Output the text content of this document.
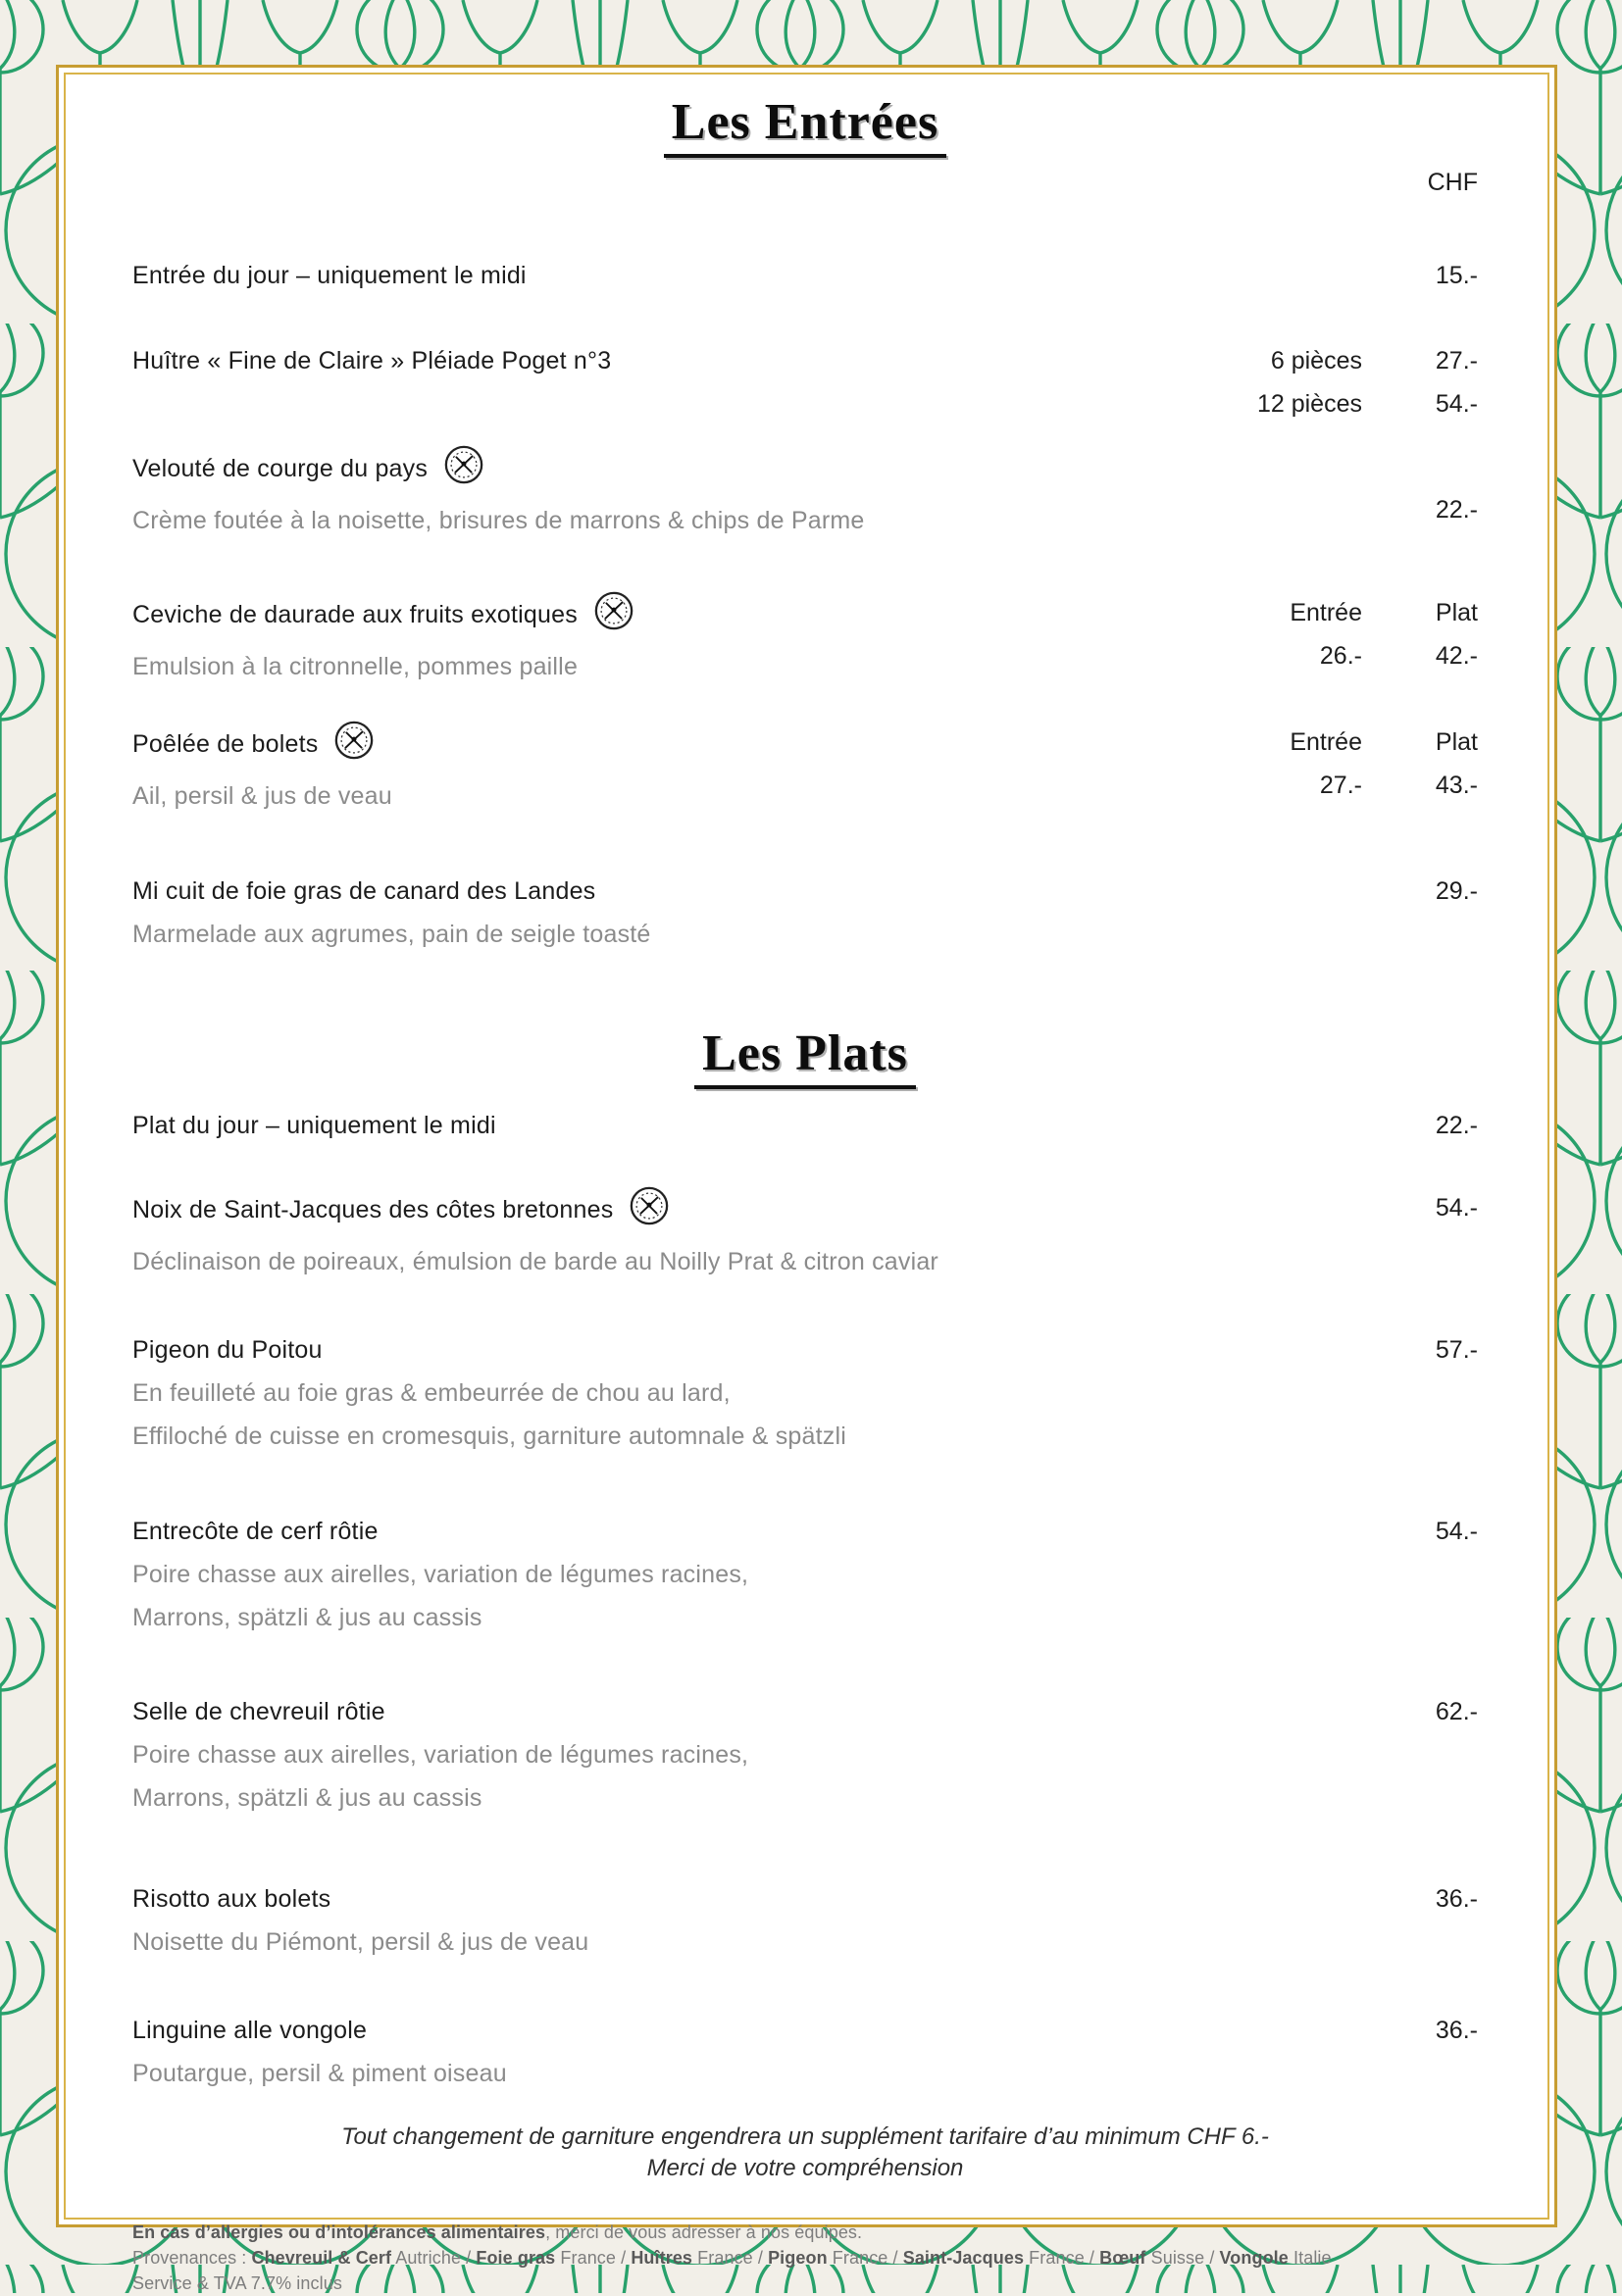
Les Entrées
CHF
Entrée du jour – uniquement le midi	15.-
Huître « Fine de Claire » Pléiade Poget n°3	6 pièces	27.-
12 pièces	54.-
Velouté de courge du pays
Crème foutée à la noisette, brisures de marrons & chips de Parme	22.-
Ceviche de daurade aux fruits exotiques
Emulsion à la citronnelle, pommes paille
Entrée	Plat
26.-	42.-
Poêlée de bolets
Ail, persil & jus de veau
Entrée	Plat
27.-	43.-
Mi cuit de foie gras de canard des Landes
Marmelade aux agrumes, pain de seigle toasté
29.-
Les Plats
Plat du jour – uniquement le midi	22.-
Noix de Saint-Jacques des côtes bretonnes
Déclinaison de poireaux, émulsion de barde au Noilly Prat & citron caviar
54.-
Pigeon du Poitou
En feuilleté au foie gras & embeurrée de chou au lard,
Effiloché de cuisse en cromesquis, garniture automnale & spätzli
57.-
Entrecôte de cerf rôtie
Poire chasse aux airelles, variation de légumes racines,
Marrons, spätzli & jus au cassis
54.-
Selle de chevreuil rôtie
Poire chasse aux airelles, variation de légumes racines,
Marrons, spätzli & jus au cassis
62.-
Risotto aux bolets
Noisette du Piémont, persil & jus de veau
36.-
Linguine alle vongole
Poutargue, persil & piment oiseau
36.-
Tout changement de garniture engendrera un supplément tarifaire d’au minimum CHF 6.-
Merci de votre compréhension

En cas d’allergies ou d’intolérances alimentaires, merci de vous adresser à nos équipes.

Provenances : Chevreuil & Cerf Autriche / Foie gras France / Huîtres France / Pigeon France / Saint-Jacques France / Bœuf Suisse / Vongole Italie

Service & TVA 7.7% inclus
